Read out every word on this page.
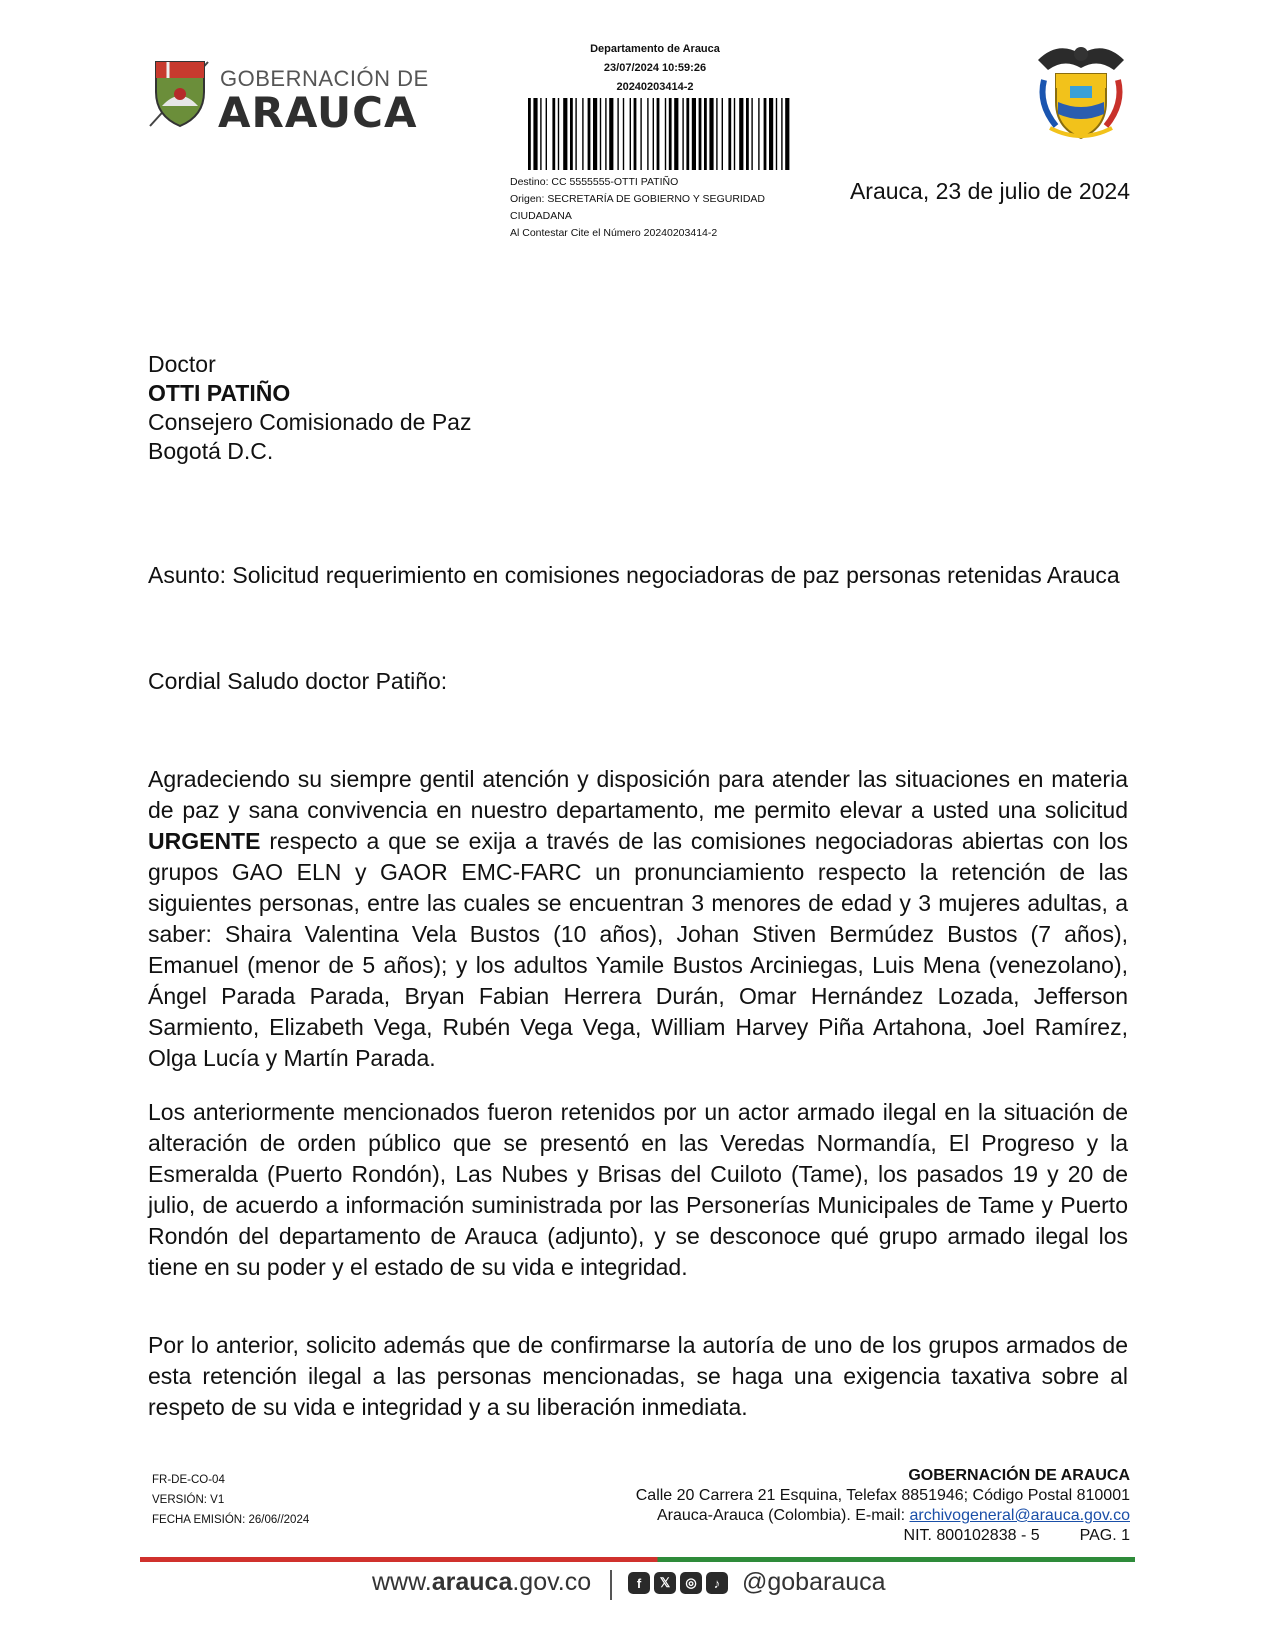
GOBERNACIÓN DE
ARAUCA
Departamento de Arauca
23/07/2024 10:59:26
20240203414-2
Destino: CC 5555555-OTTI PATIÑO
Origen: SECRETARÍA DE GOBIERNO Y SEGURIDAD
CIUDADANA
Al Contestar Cite el Número 20240203414-2
Arauca, 23 de julio de 2024
Doctor
OTTI PATIÑO
Consejero Comisionado de Paz
Bogotá D.C.
Asunto: Solicitud requerimiento en comisiones negociadoras de paz personas retenidas Arauca
Cordial Saludo doctor Patiño:
Agradeciendo su siempre gentil atención y disposición para atender las situaciones en materia de paz y sana convivencia en nuestro departamento, me permito elevar a usted una solicitud URGENTE respecto a que se exija a través de las comisiones negociadoras abiertas con los grupos GAO ELN y GAOR EMC-FARC un pronunciamiento respecto la retención de las siguientes personas, entre las cuales se encuentran 3 menores de edad y 3 mujeres adultas, a saber: Shaira Valentina Vela Bustos (10 años), Johan Stiven Bermúdez Bustos (7 años), Emanuel (menor de 5 años); y los adultos Yamile Bustos Arciniegas, Luis Mena (venezolano), Ángel Parada Parada, Bryan Fabian Herrera Durán, Omar Hernández Lozada, Jefferson Sarmiento, Elizabeth Vega, Rubén Vega Vega, William Harvey Piña Artahona, Joel Ramírez, Olga Lucía y Martín Parada.
Los anteriormente mencionados fueron retenidos por un actor armado ilegal en la situación de alteración de orden público que se presentó en las Veredas Normandía, El Progreso y la Esmeralda (Puerto Rondón), Las Nubes y Brisas del Cuiloto (Tame), los pasados 19 y 20 de julio, de acuerdo a información suministrada por las Personerías Municipales de Tame y Puerto Rondón del departamento de Arauca (adjunto), y se desconoce qué grupo armado ilegal los tiene en su poder y el estado de su vida e integridad.
Por lo anterior, solicito además que de confirmarse la autoría de uno de los grupos armados de esta retención ilegal a las personas mencionadas, se haga una exigencia taxativa sobre al respeto de su vida e integridad y a su liberación inmediata.
FR-DE-CO-04
VERSIÓN: V1
FECHA EMISIÓN: 26/06//2024
GOBERNACIÓN DE ARAUCA
Calle 20 Carrera 21 Esquina, Telefax 8851946; Código Postal 810001
Arauca-Arauca (Colombia). E-mail: archivogeneral@arauca.gov.co
NIT. 800102838 - 5	PAG. 1
www.arauca.gov.co	f	𝕏	◎	♪ @gobarauca
